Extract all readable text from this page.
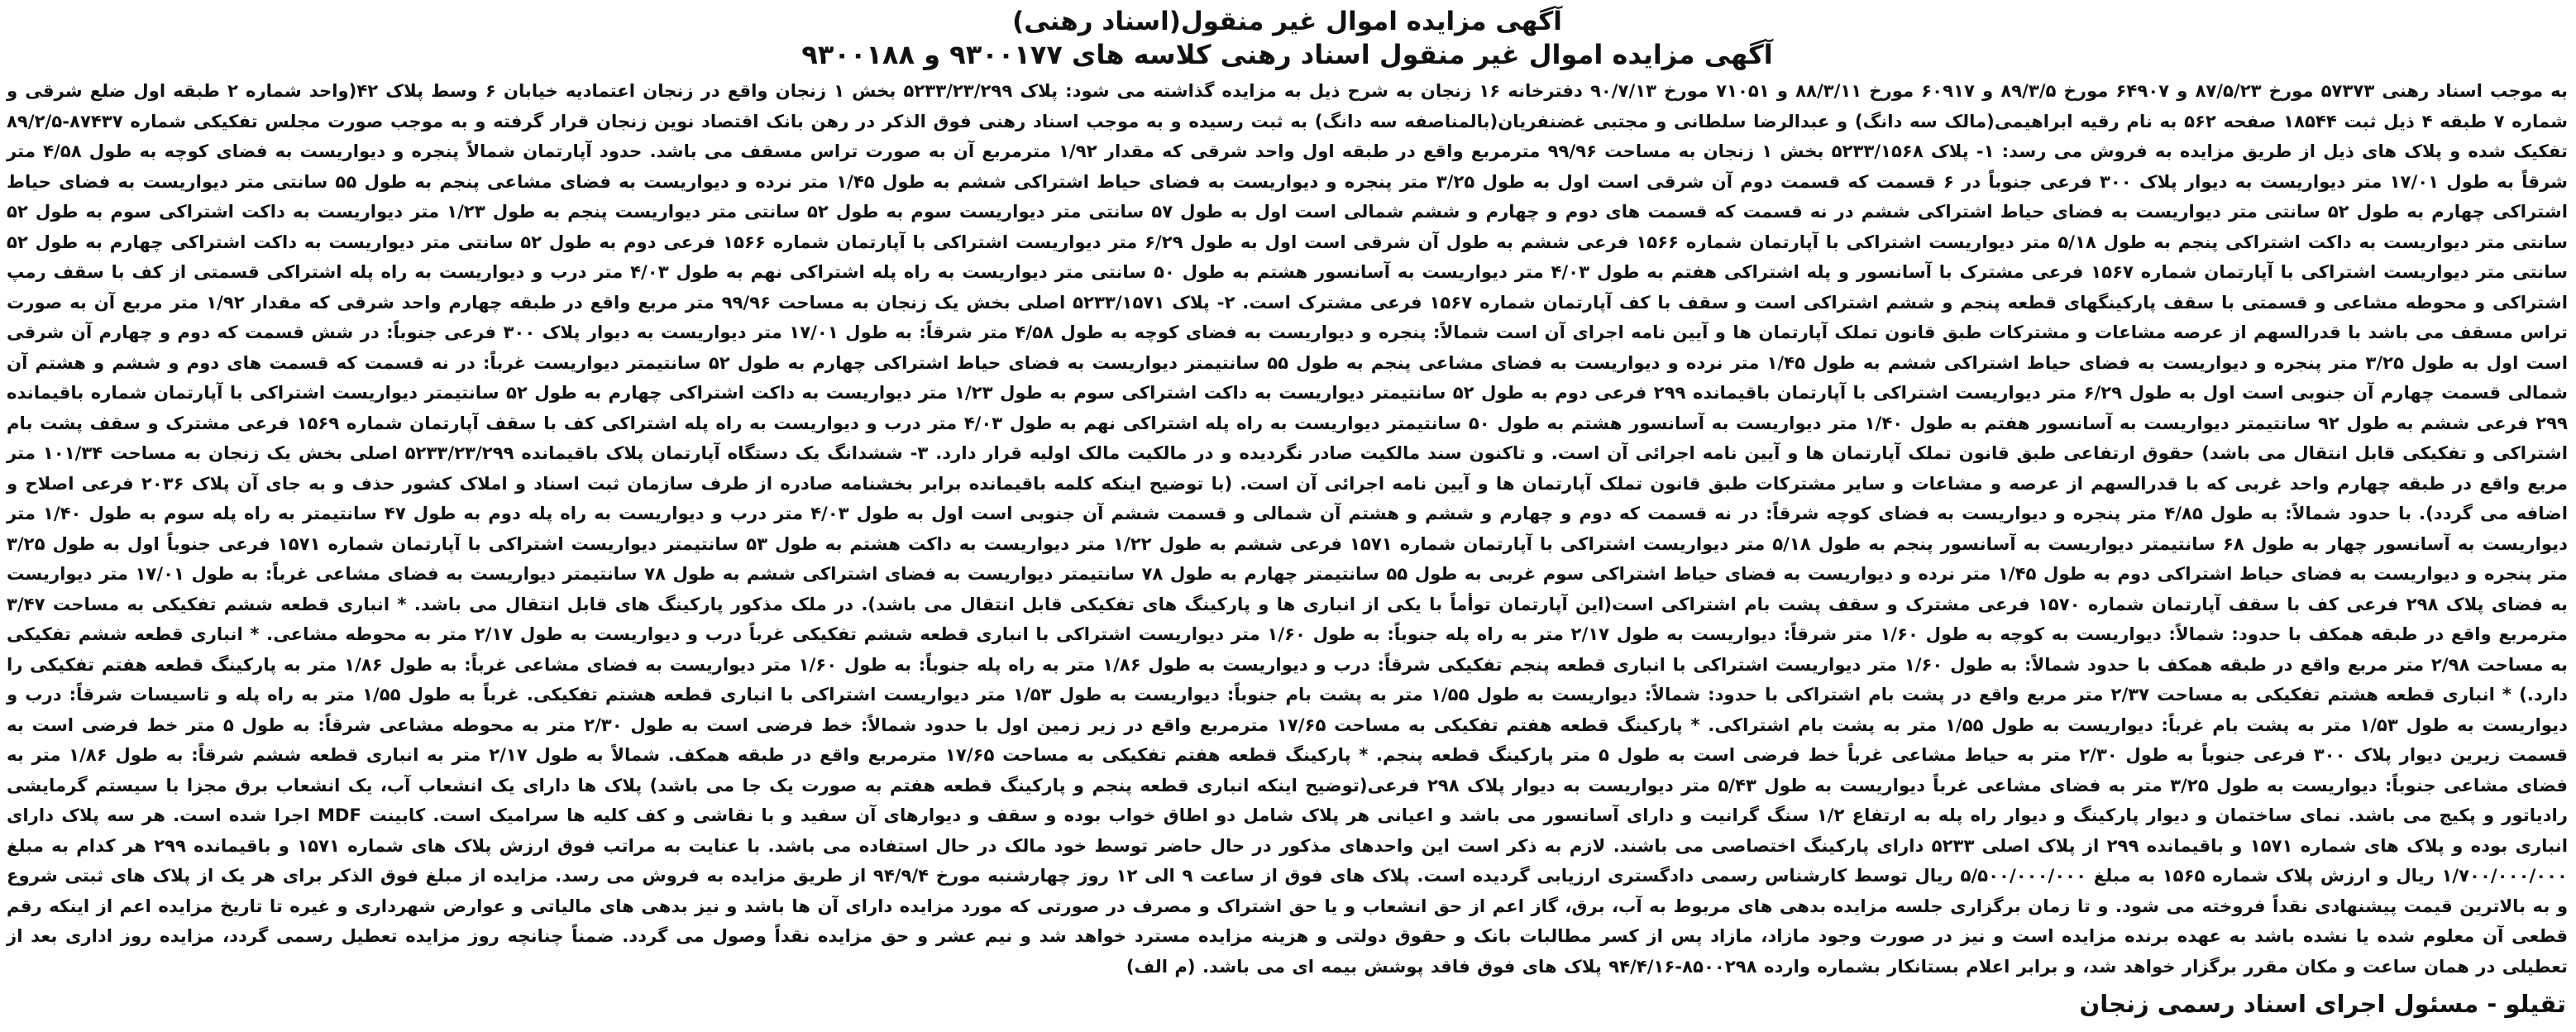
آگهی مزایده اموال غیر منقول(اسناد رهنی)
آگهی مزایده اموال غیر منقول اسناد رهنی کلاسه های ۹۳۰۰۱۷۷ و ۹۳۰۰۱۸۸
به موجب اسناد رهنی ۵۷۳۷۳ مورخ ۸۷/۵/۲۳ و ۶۴۹۰۷ مورخ ۸۹/۳/۵ و ۶۰۹۱۷ مورخ ۸۸/۳/۱۱ و ۷۱۰۵۱ مورخ ۹۰/۷/۱۳ دفترخانه ۱۶ زنجان به شرح ذیل به مزایده گذاشته می شود: پلاک ۵۲۳۳/۲۳/۲۹۹ بخش ۱ زنجان واقع در زنجان اعتمادیه خیابان ۶ وسط پلاک ۴۲(واحد شماره ۲ طبقه اول ضلع شرقی و شماره ۷ طبقه ۴ ذیل ثبت ۱۸۵۴۴ صفحه ۵۶۲ به نام رقیه ابراهیمی(مالک سه دانگ) و عبدالرضا سلطانی و مجتبی غضنفریان(بالمناصفه سه دانگ) به ثبت رسیده و به موجب اسناد رهنی فوق الذکر در رهن بانک اقتصاد نوین زنجان قرار گرفته و به موجب صورت مجلس تفکیکی شماره ۸۷۴۳۷-۸۹/۲/۵ تفکیک شده و پلاک های ذیل از طریق مزایده به فروش می رسد: ۱- پلاک ۵۲۳۳/۱۵۶۸ بخش ۱ زنجان به مساحت ۹۹/۹۶ مترمربع واقع در طبقه اول واحد شرقی که مقدار ۱/۹۲ مترمربع آن به صورت تراس مسقف می باشد. حدود آپارتمان شمالاً پنجره و دیواریست به فضای کوچه به طول ۴/۵۸ متر شرقاً به طول ۱۷/۰۱ متر دیواریست به دیوار پلاک ۳۰۰ فرعی جنوباً در ۶ قسمت که قسمت دوم آن شرقی است اول به طول ۳/۲۵ متر پنجره و دیواریست به فضای حیاط اشتراکی ششم به طول ۱/۴۵ متر نرده و دیواریست به فضای مشاعی پنجم به طول ۵۵ سانتی متر دیواریست به فضای حیاط اشتراکی چهارم به طول ۵۲ سانتی متر دیواریست به فضای حیاط اشتراکی ششم در نه قسمت که قسمت های دوم و چهارم و ششم شمالی است اول به طول ۵۷ سانتی متر دیواریست سوم به طول ۵۲ سانتی متر دیواریست پنجم به طول ۱/۲۳ متر دیواریست به داکت اشتراکی سوم به طول ۵۲ سانتی متر دیواریست به داکت اشتراکی پنجم به طول ۵/۱۸ متر دیواریست اشتراکی با آپارتمان شماره ۱۵۶۶ فرعی ششم به طول آن شرقی است اول به طول ۶/۲۹ متر دیواریست اشتراکی با آپارتمان شماره ۱۵۶۶ فرعی دوم به طول ۵۲ سانتی متر دیواریست به داکت اشتراکی چهارم به طول ۵۲ سانتی متر دیواریست اشتراکی با آپارتمان شماره ۱۵۶۷ فرعی مشترک با آسانسور و پله اشتراکی هفتم به طول ۴/۰۳ متر دیواریست به آسانسور هشتم به طول ۵۰ سانتی متر دیواریست به راه پله اشتراکی نهم به طول ۴/۰۳ متر درب و دیواریست به راه پله اشتراکی قسمتی از کف با سقف رمپ اشتراکی و محوطه مشاعی و قسمتی با سقف پارکینگهای قطعه پنجم و ششم اشتراکی است و سقف با کف آپارتمان شماره ۱۵۶۷ فرعی مشترک است. ۲- پلاک ۵۲۳۳/۱۵۷۱ اصلی بخش یک زنجان به مساحت ۹۹/۹۶ متر مربع واقع در طبقه چهارم واحد شرقی که مقدار ۱/۹۲ متر مربع آن به صورت تراس مسقف می باشد با قدرالسهم از عرصه مشاعات و مشترکات طبق قانون تملک آپارتمان ها و آیین نامه اجرای آن است شمالاً: پنجره و دیواریست به فضای کوچه به طول ۴/۵۸ متر شرقاً: به طول ۱۷/۰۱ متر دیواریست به دیوار پلاک ۳۰۰ فرعی جنوباً: در شش قسمت که دوم و چهارم آن شرقی است اول به طول ۳/۲۵ متر پنجره و دیواریست به فضای حیاط اشتراکی ششم به طول ۱/۴۵ متر نرده و دیواریست به فضای مشاعی پنجم به طول ۵۵ سانتیمتر دیواریست به فضای حیاط اشتراکی چهارم به طول ۵۲ سانتیمتر دیواریست غرباً: در نه قسمت که قسمت های دوم و ششم و هشتم آن شمالی قسمت چهارم آن جنوبی است اول به طول ۶/۲۹ متر دیواریست اشتراکی با آپارتمان باقیمانده ۲۹۹ فرعی دوم به طول ۵۲ سانتیمتر دیواریست به داکت اشتراکی سوم به طول ۱/۲۳ متر دیواریست به داکت اشتراکی چهارم به طول ۵۲ سانتیمتر دیواریست اشتراکی با آپارتمان شماره باقیمانده ۲۹۹ فرعی ششم به طول ۹۲ سانتیمتر دیواریست به آسانسور هفتم به طول ۱/۴۰ متر دیواریست به آسانسور هشتم به طول ۵۰ سانتیمتر دیواریست به راه پله اشتراکی نهم به طول ۴/۰۳ متر درب و دیواریست به راه پله اشتراکی کف با سقف آپارتمان شماره ۱۵۶۹ فرعی مشترک و سقف پشت بام اشتراکی و تفکیکی قابل انتقال می باشد) حقوق ارتفاعی طبق قانون تملک آپارتمان ها و آیین نامه اجرائی آن است. و تاکنون سند مالکیت صادر نگردیده و در مالکیت مالک اولیه قرار دارد. ۳- ششدانگ یک دستگاه آپارتمان پلاک باقیمانده ۵۲۳۳/۲۳/۲۹۹ اصلی بخش یک زنجان به مساحت ۱۰۱/۳۴ متر مربع واقع در طبقه چهارم واحد غربی که با قدرالسهم از عرصه و مشاعات و سایر مشترکات طبق قانون تملک آپارتمان ها و آیین نامه اجرائی آن است. (با توضیح اینکه کلمه باقیمانده برابر بخشنامه صادره از طرف سازمان ثبت اسناد و املاک کشور حذف و به جای آن پلاک ۲۰۳۶ فرعی اصلاح و اضافه می گردد). با حدود شمالاً: به طول ۴/۸۵ متر پنجره و دیواریست به فضای کوچه شرقاً: در نه قسمت که دوم و چهارم و ششم و هشتم آن شمالی و قسمت ششم آن جنوبی است اول به طول ۴/۰۳ متر درب و دیواریست به راه پله دوم به طول ۴۷ سانتیمتر به راه پله سوم به طول ۱/۴۰ متر دیواریست به آسانسور چهار به طول ۶۸ سانتیمتر دیواریست به آسانسور پنجم به طول ۵/۱۸ متر دیواریست اشتراکی با آپارتمان شماره ۱۵۷۱ فرعی ششم به طول ۱/۲۲ متر دیواریست به داکت هشتم به طول ۵۳ سانتیمتر دیواریست اشتراکی با آپارتمان شماره ۱۵۷۱ فرعی جنوباً اول به طول ۳/۲۵ متر پنجره و دیواریست به فضای حیاط اشتراکی دوم به طول ۱/۴۵ متر نرده و دیواریست به فضای حیاط اشتراکی سوم غربی به طول ۵۵ سانتیمتر چهارم به طول ۷۸ سانتیمتر دیواریست به فضای اشتراکی ششم به طول ۷۸ سانتیمتر دیواریست به فضای مشاعی غرباً: به طول ۱۷/۰۱ متر دیواریست به فضای پلاک ۲۹۸ فرعی کف با سقف آپارتمان شماره ۱۵۷۰ فرعی مشترک و سقف پشت بام اشتراکی است(این آپارتمان توأماً با یکی از انباری ها و پارکینگ های تفکیکی قابل انتقال می باشد). در ملک مذکور پارکینگ های قابل انتقال می باشد. * انباری قطعه ششم تفکیکی به مساحت ۳/۴۷ مترمربع واقع در طبقه همکف با حدود: شمالاً: دیواریست به کوچه به طول ۱/۶۰ متر شرقاً: دیواریست به طول ۲/۱۷ متر به راه پله جنوباً: به طول ۱/۶۰ متر دیواریست اشتراکی با انباری قطعه ششم تفکیکی غرباً درب و دیواریست به طول ۲/۱۷ متر به محوطه مشاعی. * انباری قطعه ششم تفکیکی به مساحت ۲/۹۸ متر مربع واقع در طبقه همکف با حدود شمالاً: به طول ۱/۶۰ متر دیواریست اشتراکی با انباری قطعه پنجم تفکیکی شرقاً: درب و دیواریست به طول ۱/۸۶ متر به راه پله جنوباً: به طول ۱/۶۰ متر دیواریست به فضای مشاعی غرباً: به طول ۱/۸۶ متر به پارکینگ قطعه هفتم تفکیکی را دارد.) * انباری قطعه هشتم تفکیکی به مساحت ۲/۳۷ متر مربع واقع در پشت بام اشتراکی با حدود: شمالاً: دیواریست به طول ۱/۵۵ متر به پشت بام جنوباً: دیواریست به طول ۱/۵۳ متر دیواریست اشتراکی با انباری قطعه هشتم تفکیکی. غرباً به طول ۱/۵۵ متر به راه پله و تاسیسات شرقاً: درب و دیواریست به طول ۱/۵۳ متر به پشت بام غرباً: دیواریست به طول ۱/۵۵ متر به پشت بام اشتراکی. * پارکینگ قطعه هفتم تفکیکی به مساحت ۱۷/۶۵ مترمربع واقع در زیر زمین اول با حدود شمالاً: خط فرضی است به طول ۲/۳۰ متر به محوطه مشاعی شرقاً: به طول ۵ متر خط فرضی است به قسمت زیرین دیوار پلاک ۳۰۰ فرعی جنوباً به طول ۲/۳۰ متر به حیاط مشاعی غرباً خط فرضی است به طول ۵ متر پارکینگ قطعه پنجم. * پارکینگ قطعه هفتم تفکیکی به مساحت ۱۷/۶۵ مترمربع واقع در طبقه همکف. شمالاً به طول ۲/۱۷ متر به انباری قطعه ششم شرقاً: به طول ۱/۸۶ متر به فضای مشاعی جنوباً: دیواریست به طول ۳/۲۵ متر به فضای مشاعی غرباً دیواریست به طول ۵/۴۳ متر دیواریست به دیوار پلاک ۲۹۸ فرعی(توضیح اینکه انباری قطعه پنجم و پارکینگ قطعه هفتم به صورت یک جا می باشد) پلاک ها دارای یک انشعاب آب، یک انشعاب برق مجزا با سیستم گرمایشی رادیاتور و پکیج می باشد. نمای ساختمان و دیوار پارکینگ و دیوار راه پله به ارتفاع ۱/۲ سنگ گرانیت و دارای آسانسور می باشد و اعیانی هر پلاک شامل دو اطاق خواب بوده و سقف و دیوارهای آن سفید و با نقاشی و کف کلیه ها سرامیک است. کابینت MDF اجرا شده است. هر سه پلاک دارای انباری بوده و پلاک های شماره ۱۵۷۱ و باقیمانده ۲۹۹ از پلاک اصلی ۵۲۳۳ دارای پارکینگ اختصاصی می باشند. لازم به ذکر است این واحدهای مذکور در حال حاضر توسط خود مالک در حال استفاده می باشد. با عنایت به مراتب فوق ارزش پلاک های شماره ۱۵۷۱ و باقیمانده ۲۹۹ هر کدام به مبلغ ۱/۷۰۰/۰۰۰/۰۰۰ ریال و ارزش پلاک شماره ۱۵۶۵ به مبلغ ۵/۵۰۰/۰۰۰/۰۰۰ ریال توسط کارشناس رسمی دادگستری ارزیابی گردیده است. پلاک های فوق از ساعت ۹ الی ۱۲ روز چهارشنبه مورخ ۹۴/۹/۴ از طریق مزایده به فروش می رسد. مزایده از مبلغ فوق الذکر برای هر یک از پلاک های ثبتی شروع و به بالاترین قیمت پیشنهادی نقداً فروخته می شود. و تا زمان برگزاری جلسه مزایده بدهی های مربوط به آب، برق، گاز اعم از حق انشعاب و یا حق اشتراک و مصرف در صورتی که مورد مزایده دارای آن ها باشد و نیز بدهی های مالیاتی و عوارض شهرداری و غیره تا تاریخ مزایده اعم از اینکه رقم قطعی آن معلوم شده یا نشده باشد به عهده برنده مزایده است و نیز در صورت وجود مازاد، مازاد پس از کسر مطالبات بانک و حقوق دولتی و هزینه مزایده مسترد خواهد شد و نیم عشر و حق مزایده نقداً وصول می گردد. ضمناً چنانچه روز مزایده تعطیل رسمی گردد، مزایده روز اداری بعد از تعطیلی در همان ساعت و مکان مقرر برگزار خواهد شد، و برابر اعلام بستانکار بشماره وارده ۸۵۰۰۲۹۸-۹۴/۴/۱۶ پلاک های فوق فاقد پوشش بیمه ای می باشد. (م الف)
تقیلو - مسئول اجرای اسناد رسمی زنجان
